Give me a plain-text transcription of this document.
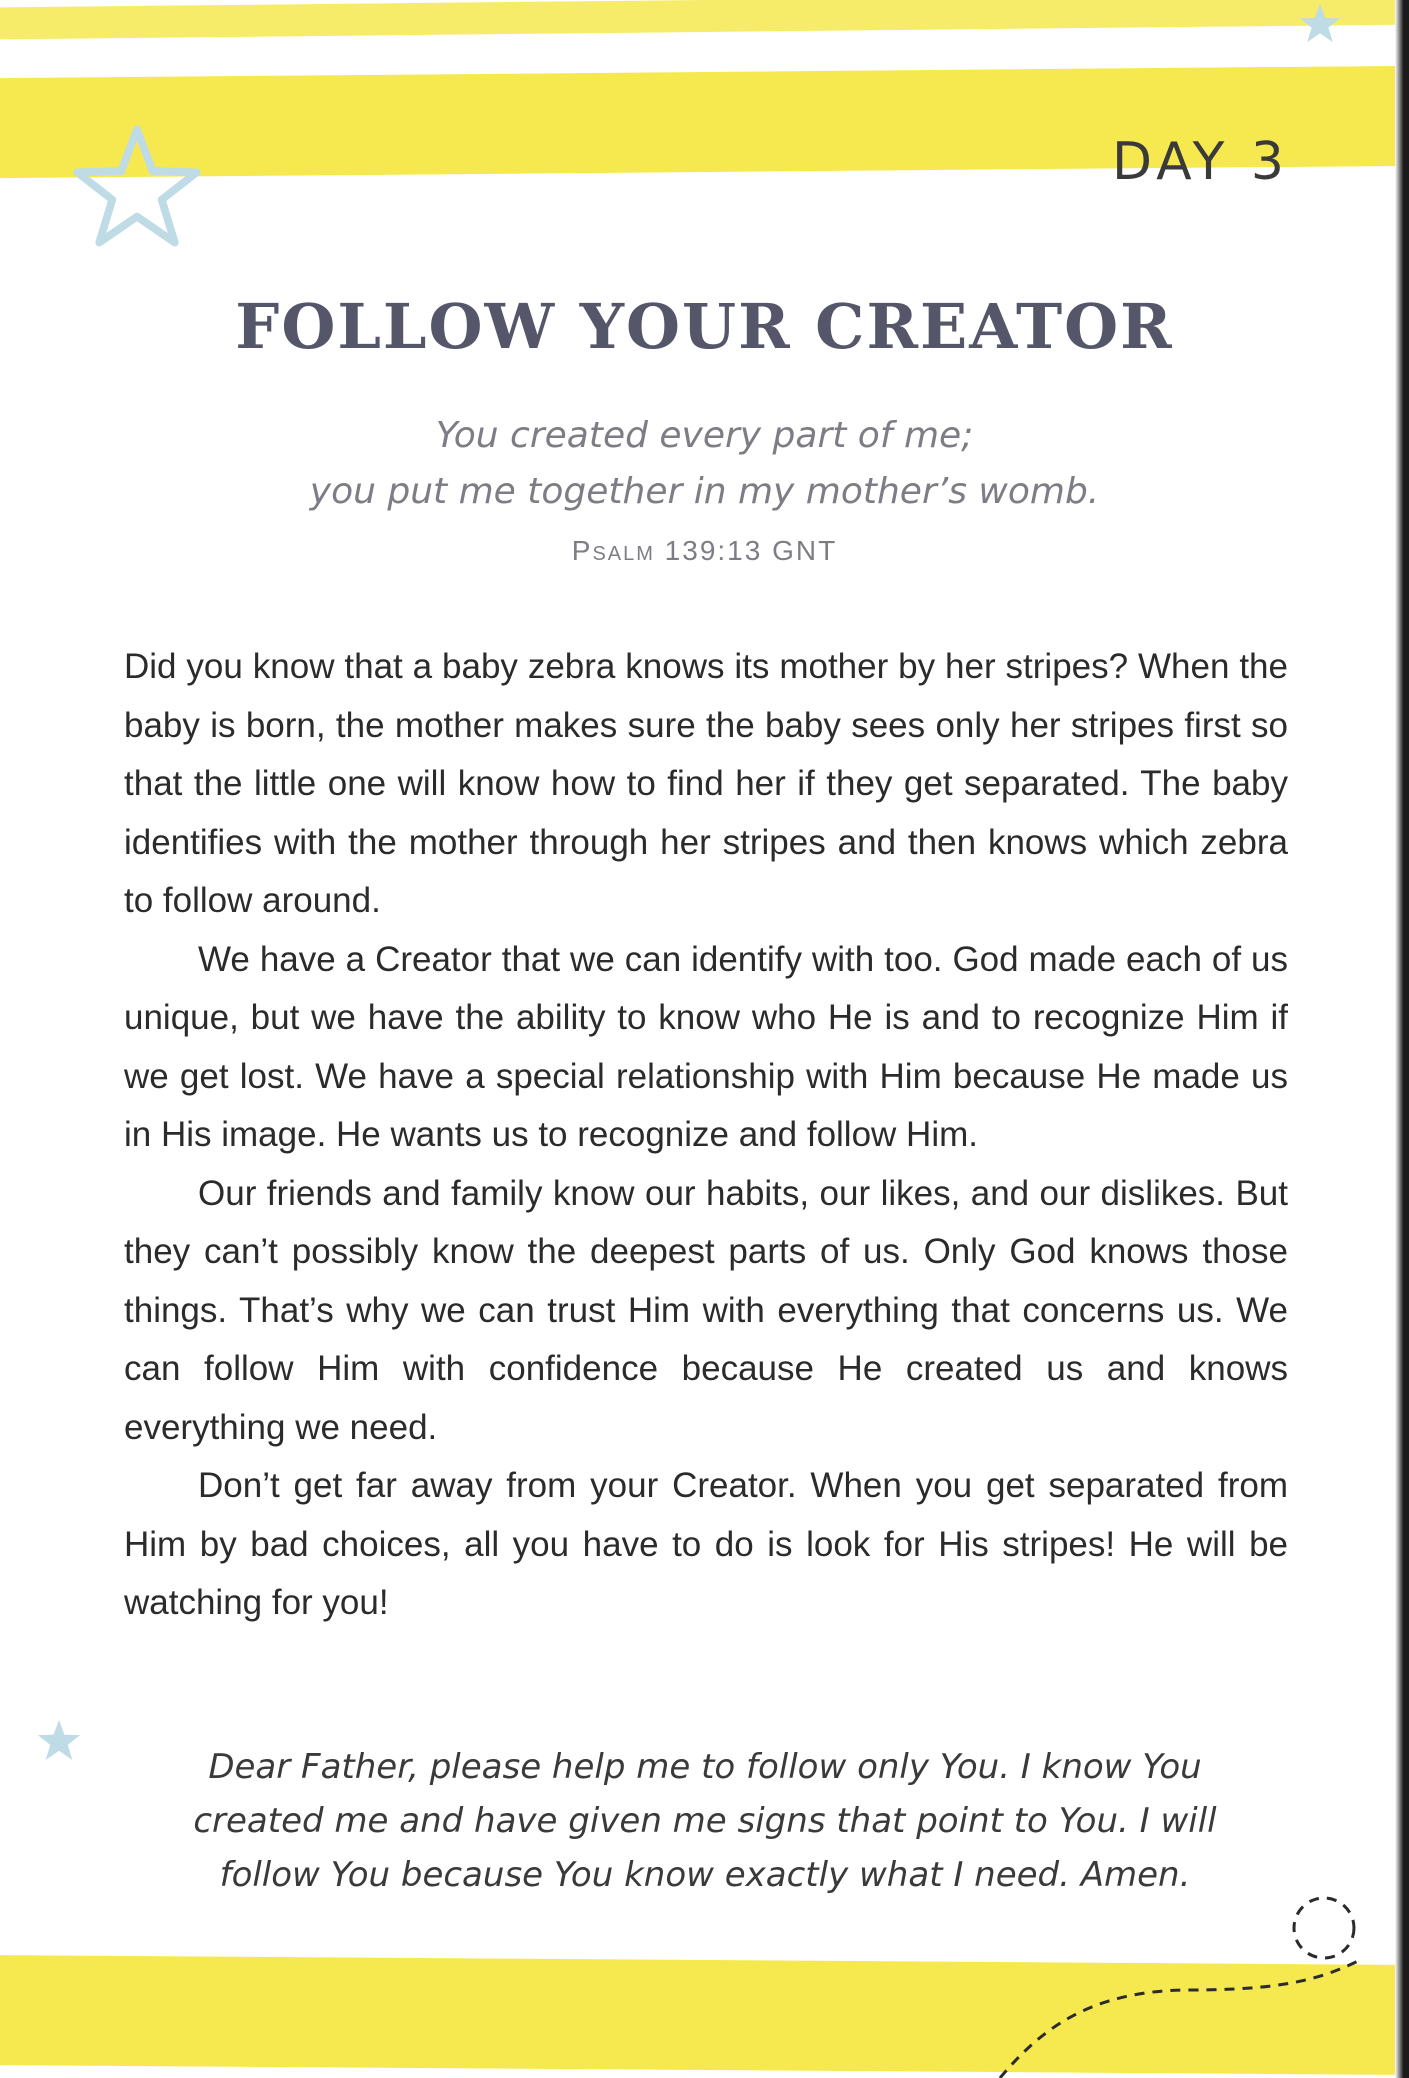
DAY 3
FOLLOW YOUR CREATOR
You created every part of me;
you put me together in my mother’s womb.
Psalm 139:13 GNT

Did you know that a baby zebra knows its mother by her stripes? When the baby is born, the mother makes sure the baby sees only her stripes first so that the little one will know how to find her if they get separated. The baby identifies with the mother through her stripes and then knows which zebra to follow around.

We have a Creator that we can identify with too. God made each of us unique, but we have the ability to know who He is and to recognize Him if we get lost. We have a special relationship with Him because He made us in His image. He wants us to recognize and follow Him.

Our friends and family know our habits, our likes, and our dislikes. But they can’t possibly know the deepest parts of us. Only God knows those things. That’s why we can trust Him with everything that concerns us. We can follow Him with confidence because He created us and knows everything we need.

Don’t get far away from your Creator. When you get separated from Him by bad choices, all you have to do is look for His stripes! He will be watching for you!

Dear Father, please help me to follow only You. I know You created me and have given me signs that point to You. I will follow You because You know exactly what I need. Amen.
